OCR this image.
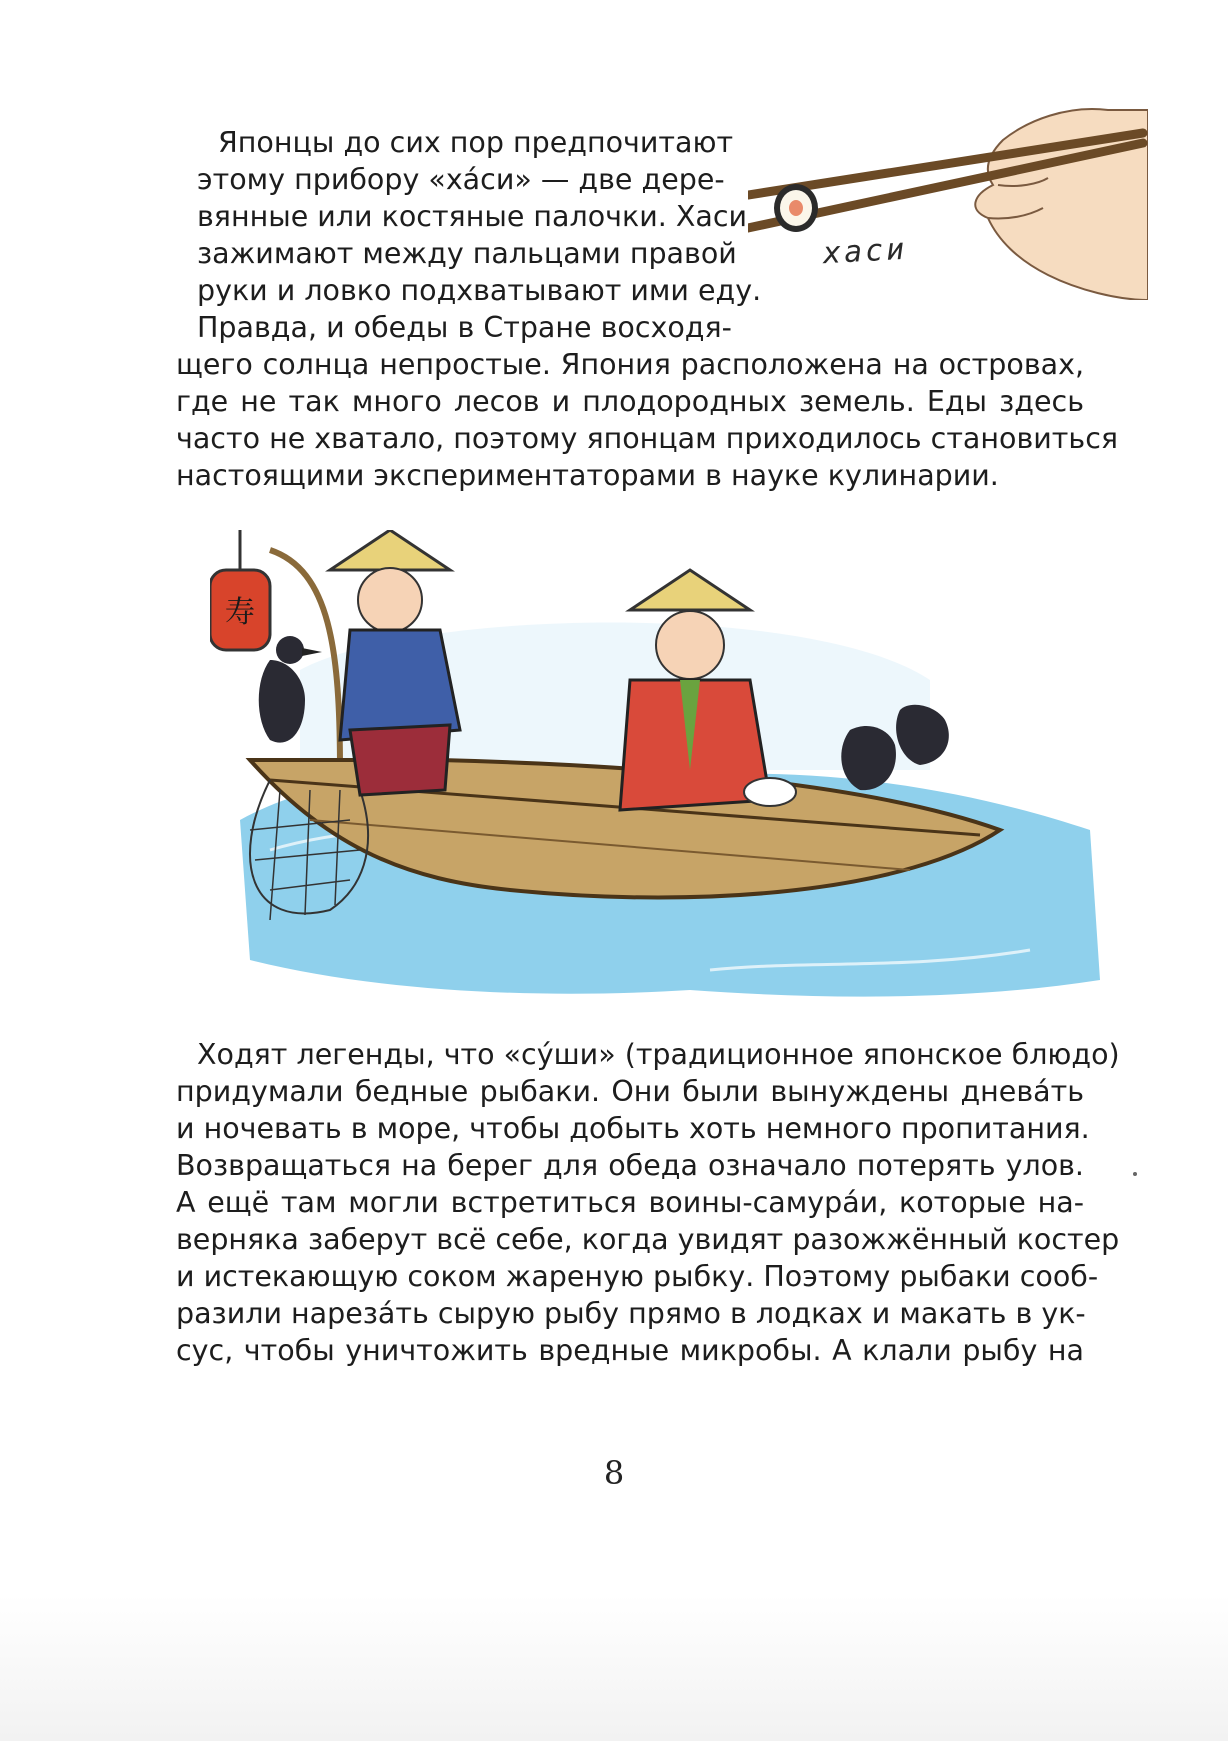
хаси
Японцы до сих пор предпочитают
этому прибору «ха́си» — две дере-
вянные или костяные палочки. Хаси
зажимают между пальцами правой
руки и ловко подхватывают ими еду.
Правда, и обеды в Стране восходя-
щего солнца непростые. Япония расположена на островах,
где не так много лесов и плодородных земель. Еды здесь
часто не хватало, поэтому японцам приходилось становиться
настоящими экспериментаторами в науке кулинарии.
寿
Ходят легенды, что «су́ши» (традиционное японское блюдо)
придумали бедные рыбаки. Они были вынуждены днева́ть
и ночевать в море, чтобы добыть хоть немного пропитания.
Возвращаться на берег для обеда означало потерять улов.
А ещё там могли встретиться воины-самура́и, которые на-
верняка заберут всё себе, когда увидят разожжённый костер
и истекающую соком жареную рыбку. Поэтому рыбаки сооб-
разили нареза́ть сырую рыбу прямо в лодках и макать в ук-
сус, чтобы уничтожить вредные микробы. А клали рыбу на
8
